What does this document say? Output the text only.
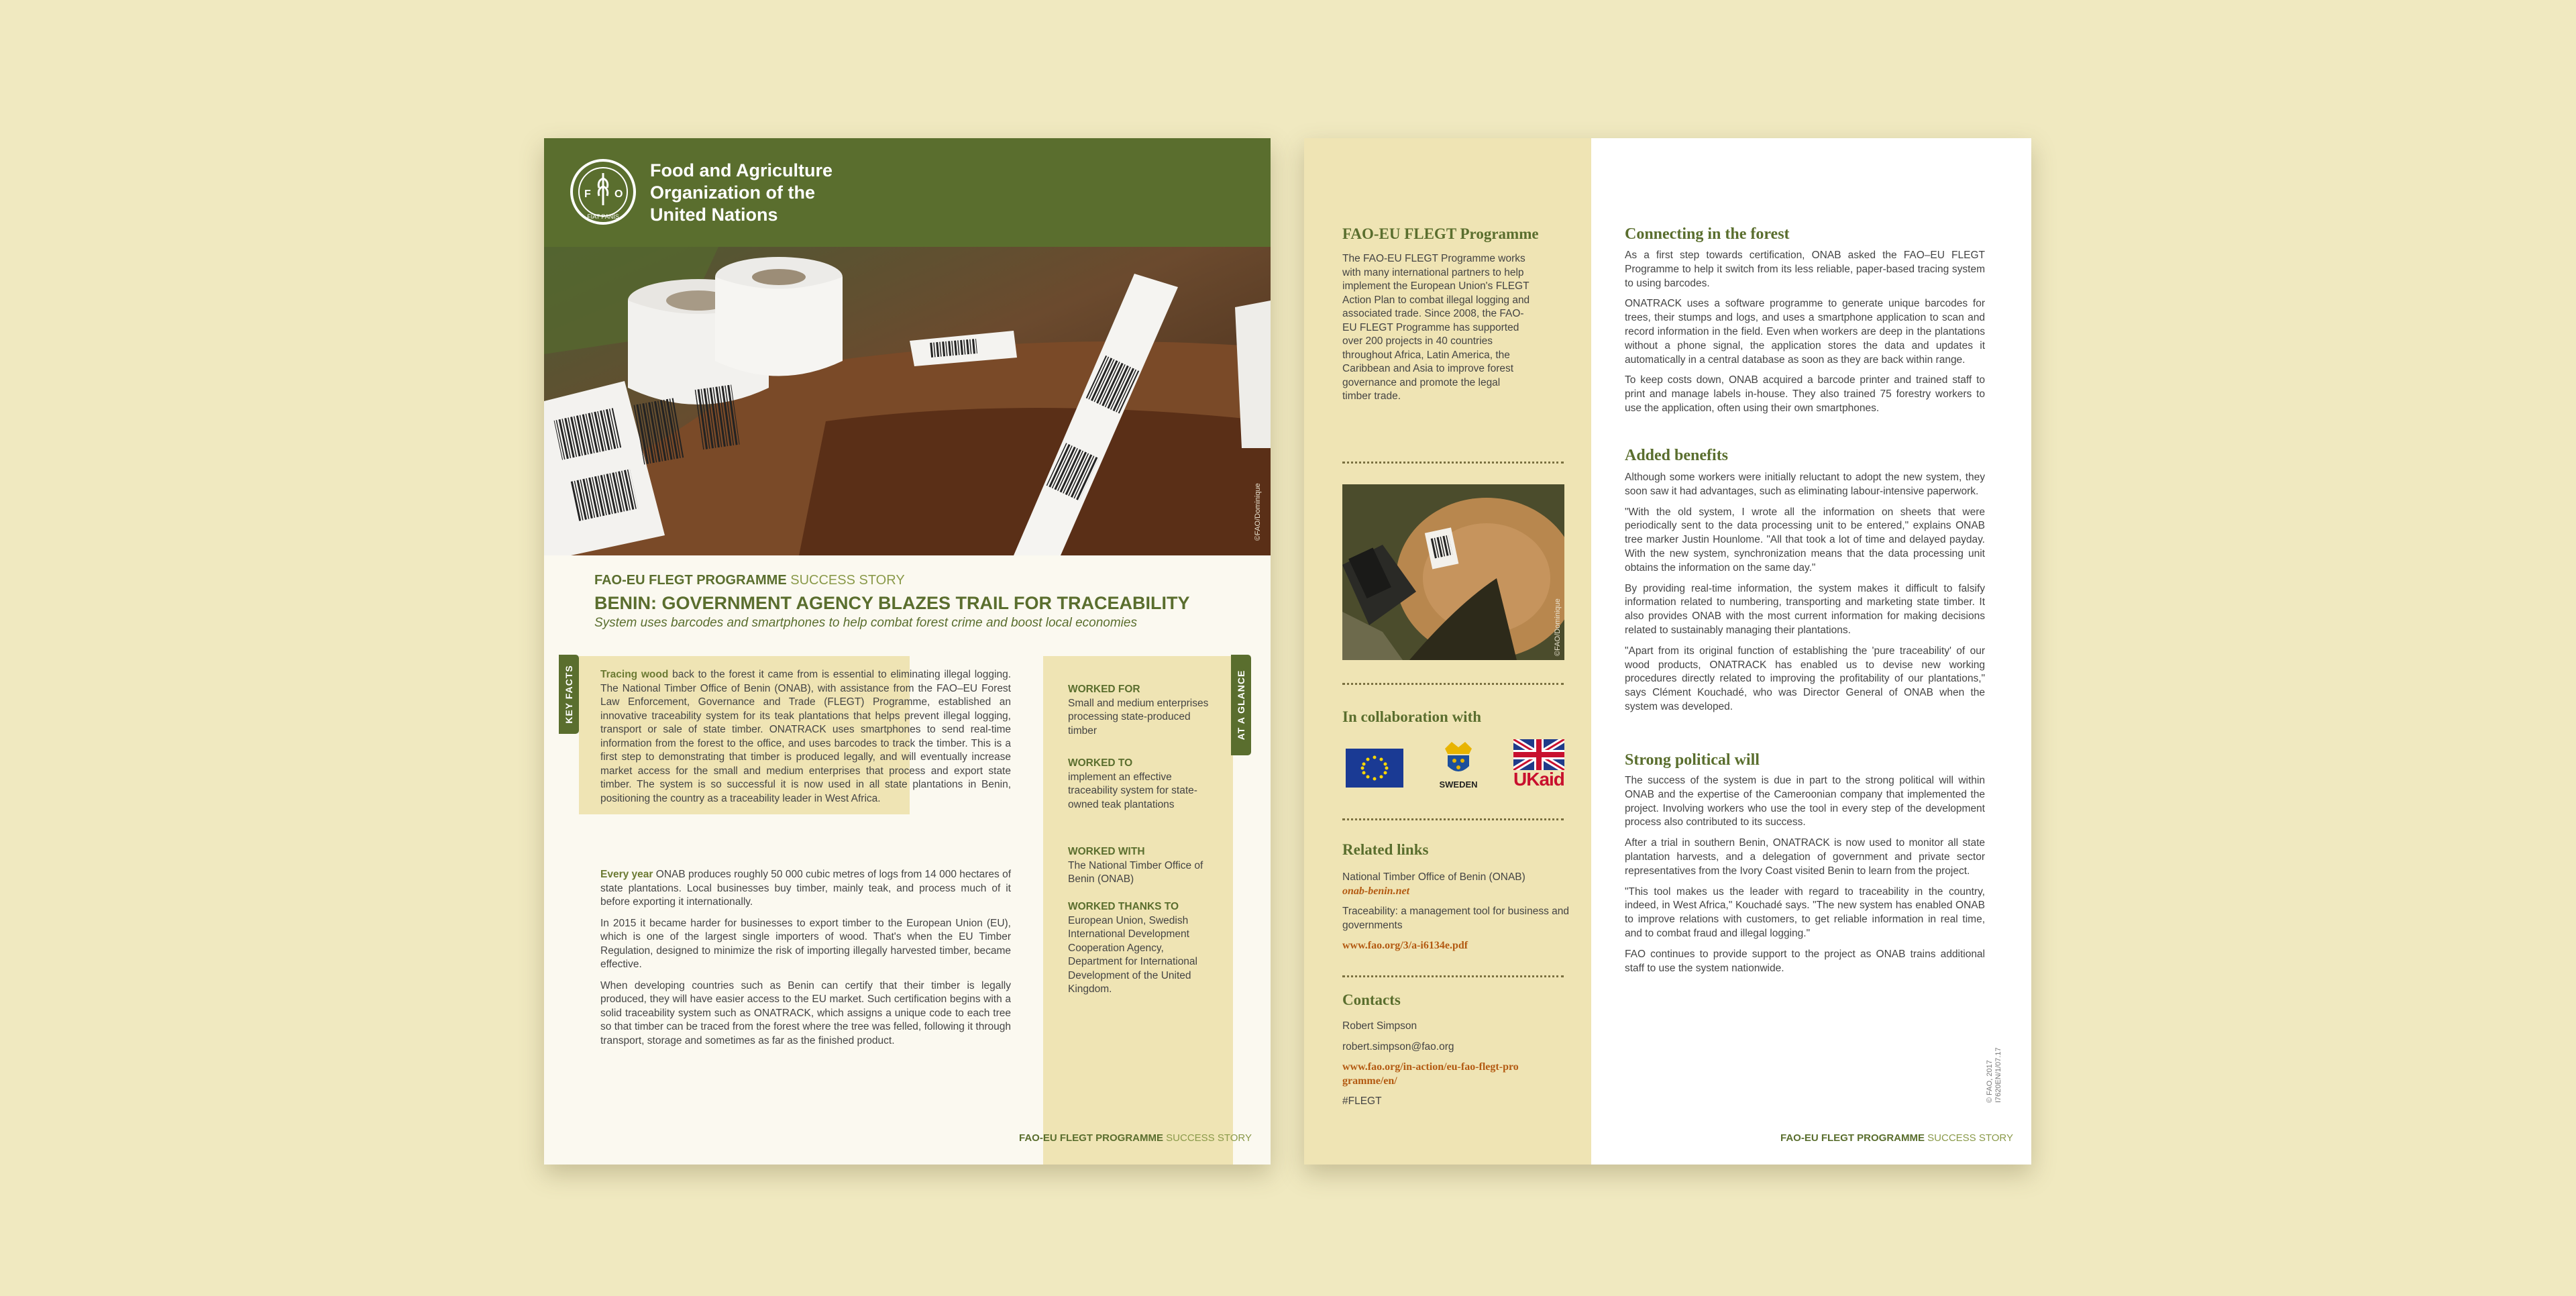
F O
FIAT PANIS
Food and Agriculture
Organization of the
United Nations
©FAO/Dominique
FAO-EU FLEGT PROGRAMME SUCCESS STORY
BENIN: GOVERNMENT AGENCY BLAZES TRAIL FOR TRACEABILITY
System uses barcodes and smartphones to help combat forest crime and boost local economies
KEY FACTS	Tracing wood back to the forest it came from is essential to eliminating illegal logging. The National Timber Office of Benin (ONAB), with assistance from the FAO–EU Forest Law Enforcement, Governance and Trade (FLEGT) Programme, established an innovative traceability system for its teak plantations that helps prevent illegal logging, transport or sale of state timber. ONATRACK uses smartphones to send real-time information from the forest to the office, and uses barcodes to track the timber. This is a first step to demonstrating that timber is produced legally, and will eventually increase market access for the small and medium enterprises that process and export state timber. The system is so successful it is now used in all state plantations in Benin, positioning the country as a traceability leader in West Africa.

Every year ONAB produces roughly 50 000 cubic metres of logs from 14 000 hectares of state plantations. Local businesses buy timber, mainly teak, and process much of it before exporting it internationally.

In 2015 it became harder for businesses to export timber to the European Union (EU), which is one of the largest single importers of wood. That's when the EU Timber Regulation, designed to minimize the risk of importing illegally harvested timber, became effective.

When developing countries such as Benin can certify that their timber is legally produced, they will have easier access to the EU market. Such certification begins with a solid traceability system such as ONATRACK, which assigns a unique code to each tree so that timber can be traced from the forest where the tree was felled, following it through transport, storage and sometimes as far as the finished product.

AT A GLANCE
WORKED FOR
Small and medium enterprises processing state-produced timber
WORKED TO
implement an effective traceability system for state-owned teak plantations
WORKED WITH
The National Timber Office of Benin (ONAB)
WORKED THANKS TO
European Union, Swedish International Development Cooperation Agency, Department for International Development of the United Kingdom.
FAO-EU FLEGT PROGRAMME SUCCESS STORY
FAO-EU FLEGT Programme
The FAO-EU FLEGT Programme works with many international partners to help implement the European Union's FLEGT Action Plan to combat illegal logging and associated trade. Since 2008, the FAO-EU FLEGT Programme has supported over 200 projects in 40 countries throughout Africa, Latin America, the Caribbean and Asia to improve forest governance and promote the legal timber trade.
©FAO/Dominique
In collaboration with
SWEDEN	UKaid
Related links

National Timber Office of Benin (ONAB)
onab-benin.net

Traceability: a management tool for business and governments

www.fao.org/3/a-i6134e.pdf

Contacts

Robert Simpson

robert.simpson@fao.org

www.fao.org/in-action/eu-fao-flegt-programme/en/

#FLEGT

Connecting in the forest

As a first step towards certification, ONAB asked the FAO–EU FLEGT Programme to help it switch from its less reliable, paper-based tracing system to using barcodes.

ONATRACK uses a software programme to generate unique barcodes for trees, their stumps and logs, and uses a smartphone application to scan and record information in the field. Even when workers are deep in the plantations without a phone signal, the application stores the data and updates it automatically in a central database as soon as they are back within range.

To keep costs down, ONAB acquired a barcode printer and trained staff to print and manage labels in-house. They also trained 75 forestry workers to use the application, often using their own smartphones.

Added benefits

Although some workers were initially reluctant to adopt the new system, they soon saw it had advantages, such as eliminating labour-intensive paperwork.

"With the old system, I wrote all the information on sheets that were periodically sent to the data processing unit to be entered," explains ONAB tree marker Justin Hounlome. "All that took a lot of time and delayed payday. With the new system, synchronization means that the data processing unit obtains the information on the same day."

By providing real-time information, the system makes it difficult to falsify information related to numbering, transporting and marketing state timber. It also provides ONAB with the most current information for making decisions related to sustainably managing their plantations.

"Apart from its original function of establishing the 'pure traceability' of our wood products, ONATRACK has enabled us to devise new working procedures directly related to improving the profitability of our plantations," says Clément Kouchadé, who was Director General of ONAB when the system was developed.

Strong political will

The success of the system is due in part to the strong political will within ONAB and the expertise of the Cameroonian company that implemented the project. Involving workers who use the tool in every step of the development process also contributed to its success.

After a trial in southern Benin, ONATRACK is now used to monitor all state plantation harvests, and a delegation of government and private sector representatives from the Ivory Coast visited Benin to learn from the project.

"This tool makes us the leader with regard to traceability in the country, indeed, in West Africa," Kouchadé says. "The new system has enabled ONAB to improve relations with customers, to get reliable information in real time, and to combat fraud and illegal logging."

FAO continues to provide support to the project as ONAB trains additional staff to use the system nationwide.

© FAO, 2017 I7620EN/1/07.17
FAO-EU FLEGT PROGRAMME SUCCESS STORY
